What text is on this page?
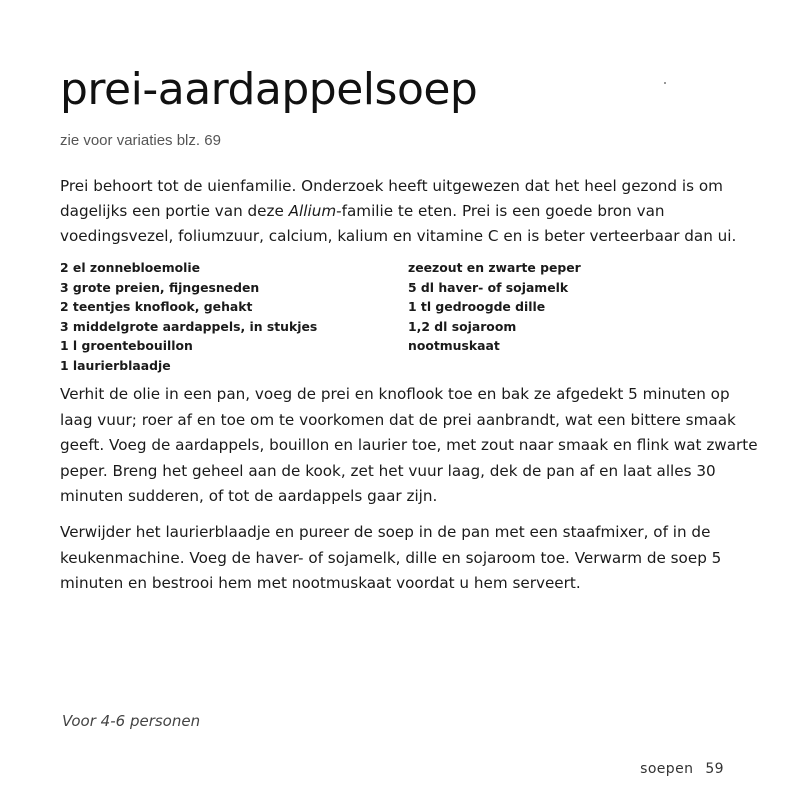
prei-aardappelsoep
zie voor variaties blz. 69

Prei behoort tot de uienfamilie. Onderzoek heeft uitgewezen dat het heel gezond is om dagelijks een portie van deze Allium-familie te eten. Prei is een goede bron van voedingsvezel, foliumzuur, calcium, kalium en vitamine C en is beter verteerbaar dan ui.

2 el zonnebloemolie
3 grote preien, fijngesneden
2 teentjes knoflook, gehakt
3 middelgrote aardappels, in stukjes
1 l groentebouillon
1 laurierblaadje
zeezout en zwarte peper
5 dl haver- of sojamelk
1 tl gedroogde dille
1,2 dl sojaroom
nootmuskaat

Verhit de olie in een pan, voeg de prei en knoflook toe en bak ze afgedekt 5 minuten op laag vuur; roer af en toe om te voorkomen dat de prei aanbrandt, wat een bittere smaak geeft. Voeg de aardappels, bouillon en laurier toe, met zout naar smaak en flink wat zwarte peper. Breng het geheel aan de kook, zet het vuur laag, dek de pan af en laat alles 30 minuten sudderen, of tot de aardappels gaar zijn.

Verwijder het laurierblaadje en pureer de soep in de pan met een staafmixer, of in de keukenmachine. Voeg de haver- of sojamelk, dille en sojaroom toe. Verwarm de soep 5 minuten en bestrooi hem met nootmuskaat voordat u hem serveert.

Voor 4-6 personen
soepen 59
